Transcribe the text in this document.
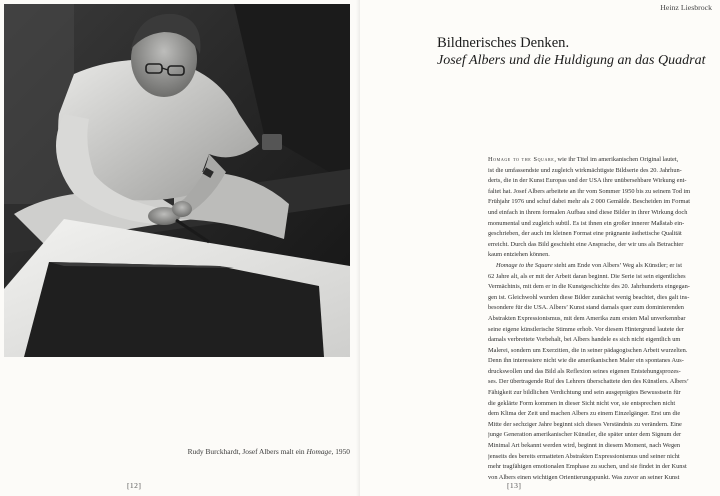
Rudy Burckhardt, Josef Albers malt ein Homage, 1950
[12]
Heinz Liesbrock
Bildnerisches Denken.
Josef Albers und die Huldigung an das Quadrat
Homage to the Square, wie ihr Titel im amerikanischen Original lautet,
ist die umfassendste und zugleich wirkmächtigste Bildserie des 20. Jahrhun-
derts, die in der Kunst Europas und der USA ihre unübersehbare Wirkung ent-
faltet hat. Josef Albers arbeitete an ihr vom Sommer 1950 bis zu seinem Tod im
Frühjahr 1976 und schuf dabei mehr als 2 000 Gemälde. Bescheiden im Format
und einfach in ihrem formalen Aufbau sind diese Bilder in ihrer Wirkung doch
monumental und zugleich subtil. Es ist ihnen ein großer innerer Maßstab ein-
geschrieben, der auch im kleinen Format eine prägnante ästhetische Qualität
erreicht. Durch das Bild geschieht eine Ansprache, der wir uns als Betrachter
kaum entziehen können.
Homage to the Square steht am Ende von Albers’ Weg als Künstler; er ist
62 Jahre alt, als er mit der Arbeit daran beginnt. Die Serie ist sein eigentliches
Vermächtnis, mit dem er in die Kunstgeschichte des 20. Jahrhunderts eingegan-
gen ist. Gleichwohl wurden diese Bilder zunächst wenig beachtet, dies galt ins-
besondere für die USA. Albers’ Kunst stand damals quer zum dominierenden
Abstrakten Expressionismus, mit dem Amerika zum ersten Mal unverkennbar
seine eigene künstlerische Stimme erhob. Vor diesem Hintergrund lautete der
damals verbreitete Vorbehalt, bei Albers handele es sich nicht eigentlich um
Malerei, sondern um Exerzitien, die in seiner pädagogischen Arbeit wurzelten.
Denn ihn interessiere nicht wie die amerikanischen Maler ein spontanes Aus-
druckswollen und das Bild als Reflexion seines eigenen Entstehungsprozes-
ses. Der übertragende Ruf des Lehrers überschattete den des Künstlers. Albers’
Fähigkeit zur bildlichen Verdichtung und sein ausgeprägtes Bewusstsein für
die geklärte Form kommen in dieser Sicht nicht vor, sie entsprechen nicht
dem Klima der Zeit und machen Albers zu einem Einzelgänger. Erst um die
Mitte der sechziger Jahre beginnt sich dieses Verständnis zu verändern. Eine
junge Generation amerikanischer Künstler, die später unter dem Signum der
Minimal Art bekannt werden wird, beginnt in diesem Moment, nach Wegen
jenseits des bereits ermatteten Abstrakten Expressionismus und seiner nicht
mehr tragfähigen emotionalen Emphase zu suchen, und sie findet in der Kunst
von Albers einen wichtigen Orientierungspunkt. Was zuvor an seiner Kunst
[13]
